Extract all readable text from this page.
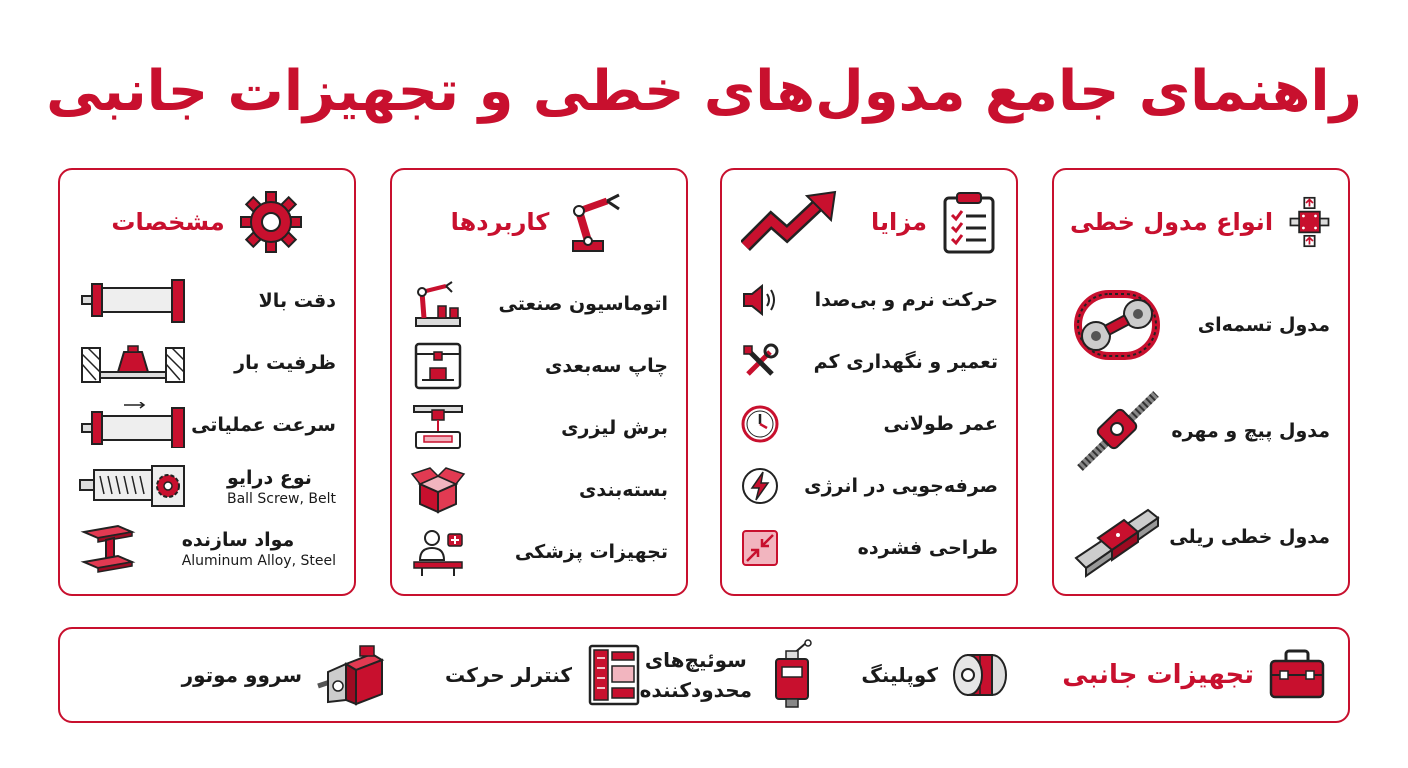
راهنمای جامع مدول‌های خطی و تجهیزات جانبی
انواع مدول خطی
مدول تسمه‌ای
مدول پیچ و مهره
مدول خطی ریلی
مزایا
حرکت نرم و بی‌صدا
تعمیر و نگهداری کم
عمر طولانی
صرفه‌جویی در انرژی
طراحی فشرده
کاربردها
اتوماسیون صنعتی
چاپ سه‌بعدی
برش لیزری
بسته‌بندی
تجهیزات پزشکی
مشخصات
دقت بالا
ظرفیت بار
سرعت عملیاتی
نوع درایو
Ball Screw, Belt
مواد سازنده
Aluminum Alloy, Steel
تجهیزات جانبی
کوپلینگ
سوئیچ‌های
محدودکننده
کنترلر حرکت
سروو موتور
